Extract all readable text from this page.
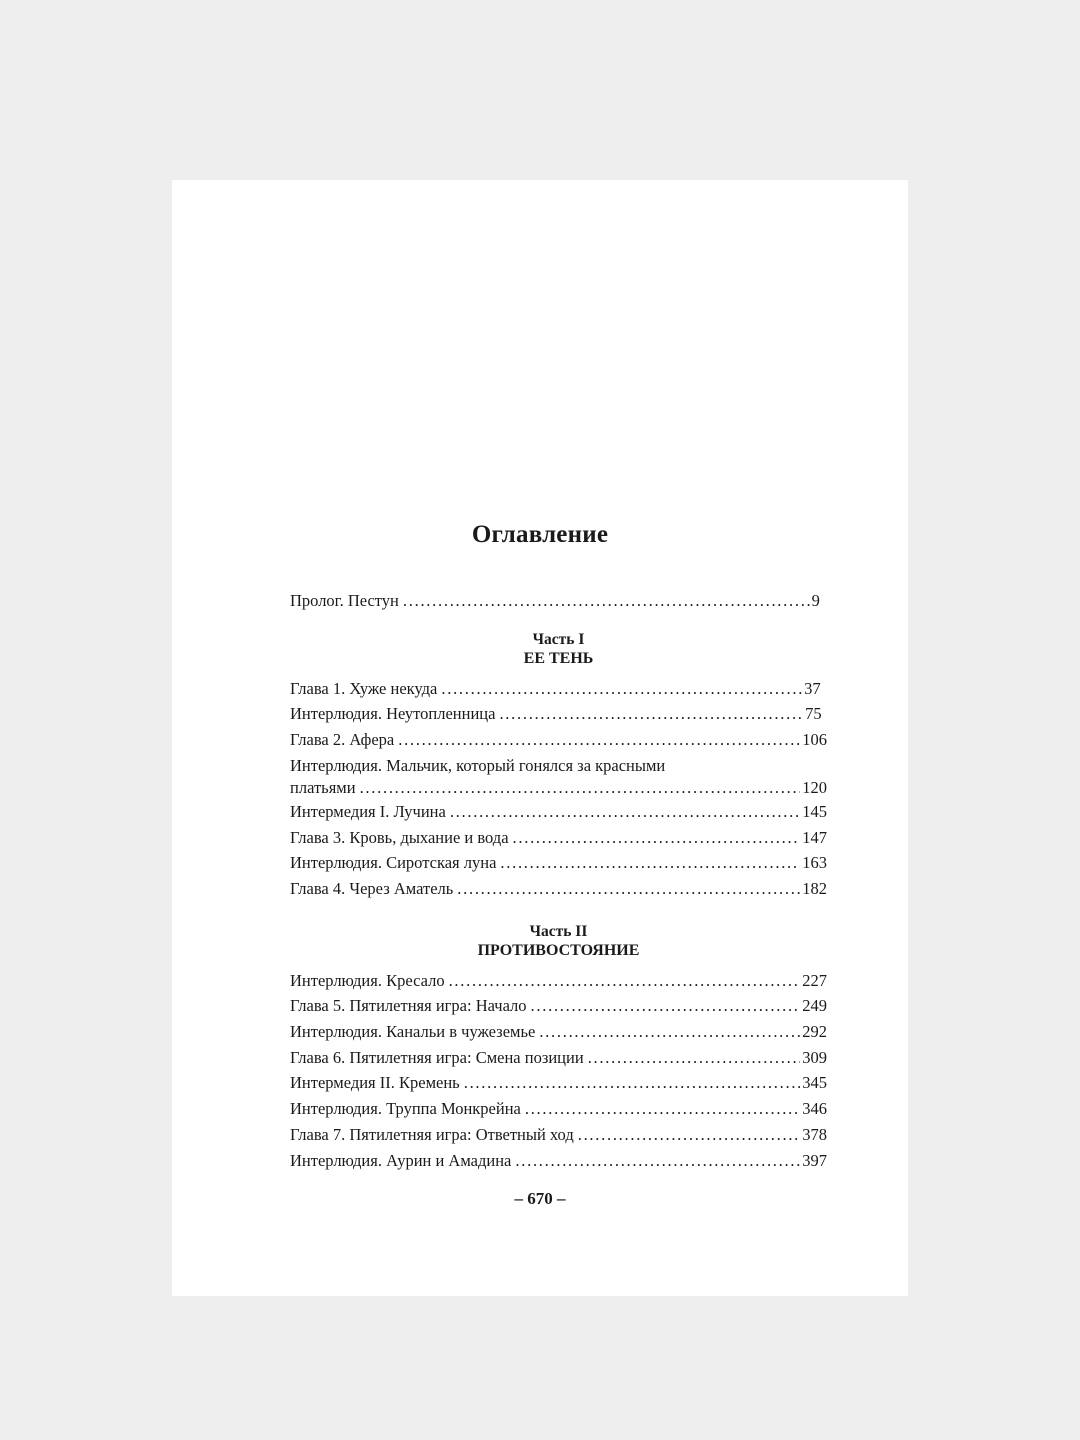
Оглавление
Пролог. Пестун . . .	9
Часть I
ЕЕ ТЕНЬ
Глава 1. Хуже некуда . . .	37
Интерлюдия. Неутопленница . . .	75
Глава 2. Афера . . .	106
Интерлюдия. Мальчик, который гонялся за красными
платьями . . .	120
Интермедия I. Лучина . . .	145
Глава 3. Кровь, дыхание и вода . . .	147
Интерлюдия. Сиротская луна . . .	163
Глава 4. Через Аматель . . .	182
Часть II
ПРОТИВОСТОЯНИЕ
Интерлюдия. Кресало . . .	227
Глава 5. Пятилетняя игра: Начало . . .	249
Интерлюдия. Канальи в чужеземье . . .	292
Глава 6. Пятилетняя игра: Смена позиции . . .	309
Интермедия II. Кремень . . .	345
Интерлюдия. Труппа Монкрейна . . .	346
Глава 7. Пятилетняя игра: Ответный ход . . .	378
Интерлюдия. Аурин и Амадина . . .	397
– 670 –
